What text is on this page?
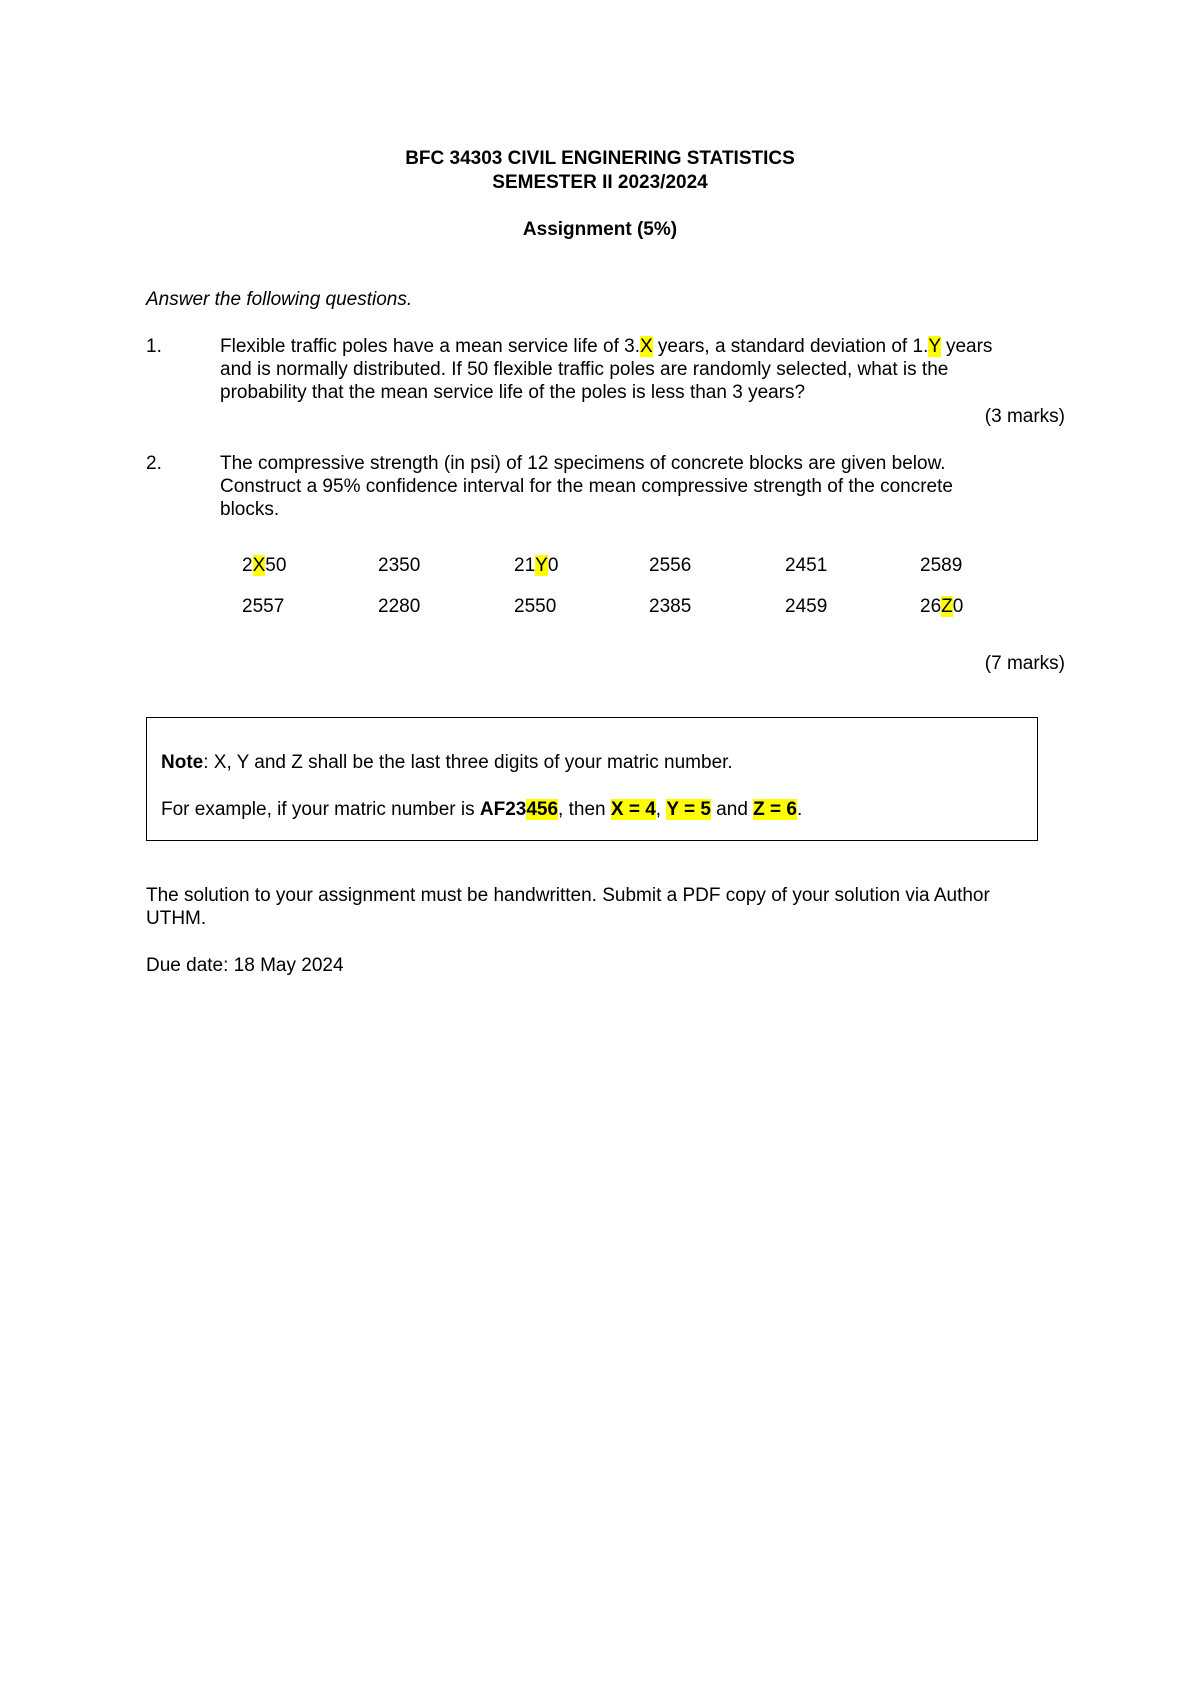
BFC 34303 CIVIL ENGINERING STATISTICS
SEMESTER II 2023/2024
Assignment (5%)
Answer the following questions.
1.	Flexible traffic poles have a mean service life of 3.X years, a standard deviation of 1.Y years
and is normally distributed. If 50 flexible traffic poles are randomly selected, what is the
probability that the mean service life of the poles is less than 3 years?
(3 marks)
2.	The compressive strength (in psi) of 12 specimens of concrete blocks are given below.
Construct a 95% confidence interval for the mean compressive strength of the concrete
blocks.
2X50	2350	21Y0	2556	2451	2589
2557	2280	2550	2385	2459	26Z0
(7 marks)
Note: X, Y and Z shall be the last three digits of your matric number.
For example, if your matric number is AF23456, then X = 4, Y = 5 and Z = 6.
The solution to your assignment must be handwritten. Submit a PDF copy of your solution via Author
UTHM.
Due date: 18 May 2024
